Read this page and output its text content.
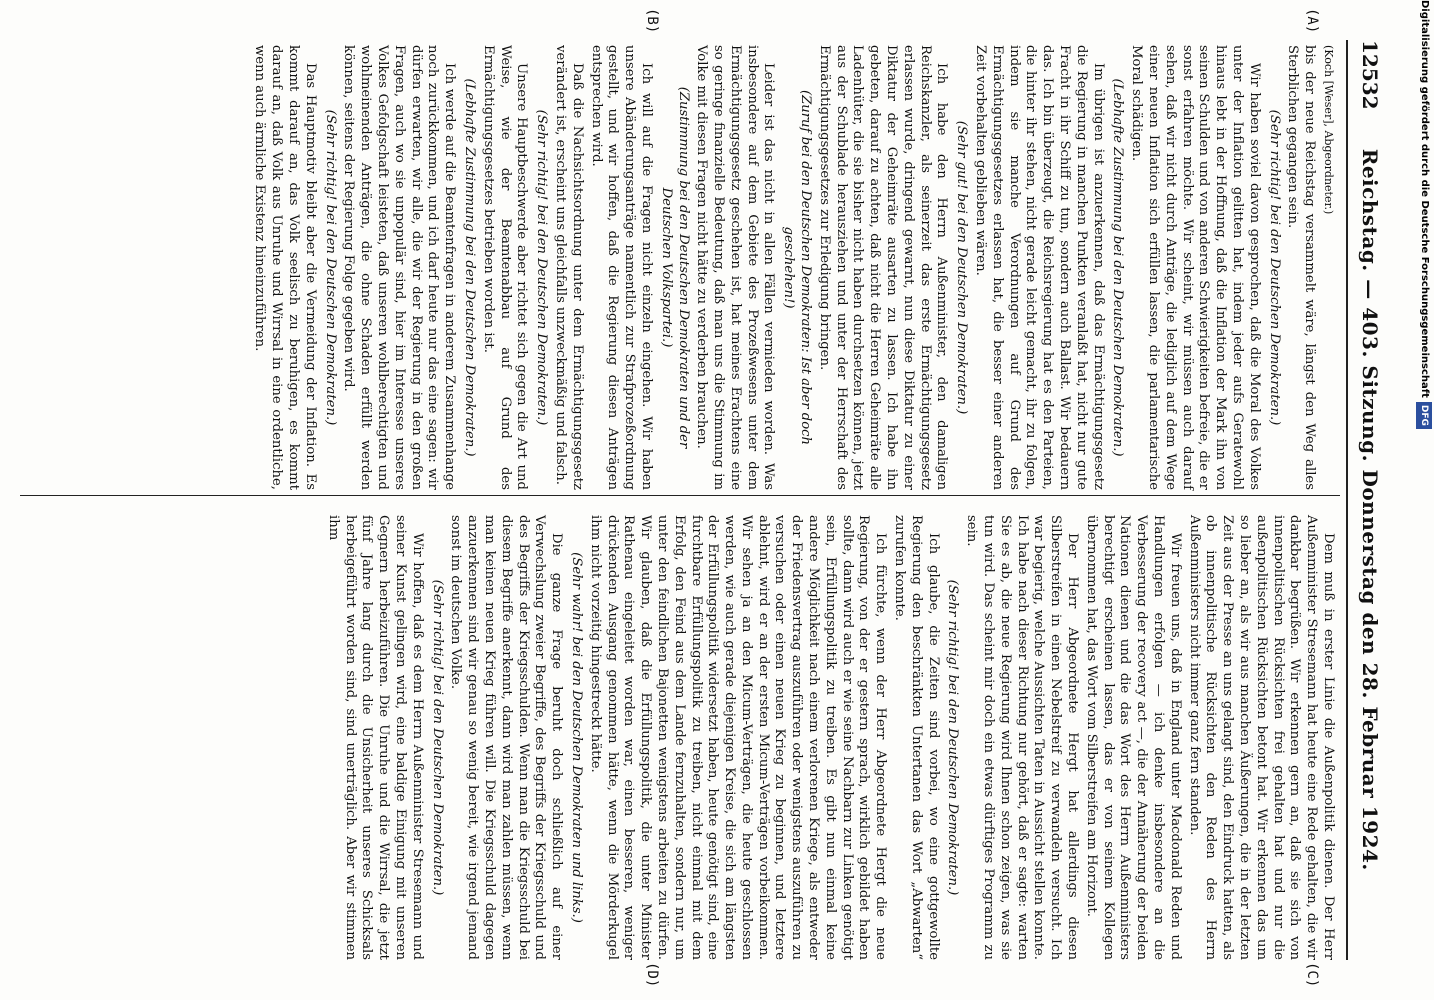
12532
Reichstag. — 403. Sitzung. Donnerstag den 28. Februar 1924.
(A)
(B)
(C)
(D)

(Koch [Weser], Abgeordneter.)

bis der neue Reichstag versammelt wäre, längst den Weg alles Sterblichen gegangen sein.

(Sehr richtig! bei den Deutschen Demokraten.)

Wir haben soviel davon gesprochen, daß die Moral des Volkes unter der Inflation gelitten hat, indem jeder aufs Geratewohl hinaus lebt in der Hoffnung, daß die Inflation der Mark ihn von seinen Schulden und von anderen Schwierigkeiten befreie, die er sonst erfahren möchte. Wir scheint, wir müssen auch darauf sehen, daß wir nicht durch Anträge, die lediglich auf dem Wege einer neuen Inflation sich erfüllen lassen, die parlamentarische Moral schädigen.

(Lebhafte Zustimmung bei den Deutschen Demokraten.)

Im übrigen ist anzuerkennen, daß das Ermächtigungsgesetz die Regierung in manchen Punkten veranlaßt hat, nicht nur gute Fracht in ihr Schiff zu tun, sondern auch Ballast. Wir bedauern das. Ich bin überzeugt, die Reichsregierung hat es den Parteien, die hinter ihr stehen, nicht gerade leicht gemacht, ihr zu folgen, indem sie manche Verordnungen auf Grund des Ermächtigungsgesetzes erlassen hat, die besser einer anderen Zeit vorbehalten geblieben wären.

(Sehr gut! bei den Deutschen Demokraten.)

Ich habe den Herrn Außenminister, den damaligen Reichskanzler, als seinerzeit das erste Ermächtigungsgesetz erlassen wurde, dringend gewarnt, nun diese Diktatur zu einer Diktatur der Geheimräte ausarten zu lassen. Ich habe ihn gebeten, darauf zu achten, daß nicht die Herren Geheimräte alle Ladenhüter, die sie bisher nicht haben durchsetzen können, jetzt aus der Schublade herausziehen und unter der Herrschaft des Ermächtigungsgesetzes zur Erledigung bringen.

(Zuruf bei den Deutschen Demokraten: Ist aber doch geschehen!)

Leider ist das nicht in allen Fällen vermieden worden. Was insbesondere auf dem Gebiete des Prozeßwesens unter dem Ermächtigungsgesetz geschehen ist, hat meines Erachtens eine so geringe finanzielle Bedeutung, daß man uns die Stimmung im Volke mit diesen Fragen nicht hätte zu verderben brauchen.

(Zustimmung bei den Deutschen Demokraten und der Deutschen Volkspartei.)

Ich will auf die Fragen nicht einzeln eingehen. Wir haben unsere Abänderungsanträge namentlich zur Strafprozeßordnung gestellt, und wir hoffen, daß die Regierung diesen Anträgen entsprechen wird.

Daß die Nachsichtsordnung unter dem Ermächtigungsgesetz verändert ist, erscheint uns gleichfalls unzweckmäßig und falsch.

(Sehr richtig! bei den Deutschen Demokraten.)

Unsere Hauptbeschwerde aber richtet sich gegen die Art und Weise, wie der Beamtenabbau auf Grund des Ermächtigungsgesetzes betrieben worden ist.

(Lebhafte Zustimmung bei den Deutschen Demokraten.)

Ich werde auf die Beamtenfragen in anderem Zusammenhange noch zurückkommen, und ich darf heute nur das eine sagen: wir dürfen erwarten, wir alle, die wir der Regierung in den großen Fragen, auch wo sie unpopulär sind, hier im Interesse unseres Volkes Gefolgschaft leisteten, daß unseren wohlberechtigten und wohlmeinenden Anträgen, die ohne Schaden erfüllt werden können, seitens der Regierung Folge gegeben wird.

(Sehr richtig! bei den Deutschen Demokraten.)

Das Hauptmotiv bleibt aber die Vermeidung der Inflation. Es kommt darauf an, das Volk seelisch zu beruhigen, es kommt darauf an, daß Volk aus Unruhe und Wirrsal in eine ordentliche, wenn auch ärmliche Existenz hineinzuführen.

Dem muß in erster Linie die Außenpolitik dienen. Der Herr Außenminister Stresemann hat heute eine Rede gehalten, die wir dankbar begrüßen. Wir erkennen gern an, daß sie sich von innenpolitischen Rücksichten frei gehalten hat und nur die außenpolitischen Rücksichten betont hat. Wir erkennen das um so lieber an, als wir aus manchen Äußerungen, die in der letzten Zeit aus der Presse an uns gelangt sind, den Eindruck hatten, als ob innenpolitische Rücksichten den Reden des Herrn Außenministers nicht immer ganz fern standen.

Wir freuen uns, daß in England unter Macdonald Reden und Handlungen erfolgen — ich denke insbesondere an die Verbesserung der recovery act —, die der Annäherung der beiden Nationen dienen und die das Wort des Herrn Außenministers berechtigt erscheinen lassen, das er von seinem Kollegen übernommen hat, das Wort vom Silberstreifen am Horizont.

Der Herr Abgeordnete Hergt hat allerdings diesen Silberstreifen in einen Nebelstreif zu verwandeln versucht. Ich war begierig, welche Aussichten Taten in Aussicht stellen konnte. Ich habe nach dieser Richtung nur gehört, daß er sagte: warten Sie es ab, die neue Regierung wird Ihnen schon zeigen, was sie tun wird. Das scheint mir doch ein etwas dürftiges Programm zu sein.

(Sehr richtig! bei den Deutschen Demokraten.)

Ich glaube, die Zeiten sind vorbei, wo eine gottgewollte Regierung den beschränkten Untertanen das Wort „Abwarten“ zurufen konnte.

Ich fürchte, wenn der Herr Abgeordnete Hergt die neue Regierung, von der er gestern sprach, wirklich gebildet haben sollte, dann wird auch er wie seine Nachbarn zur Linken genötigt sein, Erfüllungspolitik zu treiben. Es gibt nun einmal keine andere Möglichkeit nach einem verlorenen Kriege, als entweder der Friedensvertrag auszuführen oder wenigstens auszuführen zu versuchen oder einen neuen Krieg zu beginnen, und letztere ablehnt, wird er an der ersten Micum-Verträgen vorbeikommen. Wir sehen ja an den Micum-Verträgen, die heute geschlossen werden, wie auch gerade diejenigen Kreise, die sich am längsten der Erfüllungspolitik widersetzt haben, heute genötigt sind, eine furchtbare Erfüllungspolitik zu treiben, nicht einmal mit dem Erfolg, den Feind aus dem Lande fernzuhalten, sondern nur, um unter den feindlichen Bajonetten wenigstens arbeiten zu dürfen. Wir glauben, daß die Erfüllungspolitik, die unter Minister Rathenau eingeleitet worden war, einen besseren, weniger drückenden Ausgang genommen hätte, wenn die Mörderkugel ihm nicht vorzeitig hingestreckt hätte.

(Sehr wahr! bei den Deutschen Demokraten und links.)

Die ganze Frage beruht doch schließlich auf einer Verwechslung zweier Begriffe, des Begriffs der Kriegsschuld und des Begriffs der Kriegsschulden. Wenn man die Kriegsschuld bei diesem Begriffe anerkennt, dann wird man zahlen müssen, wenn man keinen neuen Krieg führen will. Die Kriegsschuld dagegen anzuerkennen sind wir genau so wenig bereit, wie irgend jemand sonst im deutschen Volke.

(Sehr richtig! bei den Deutschen Demokraten.)

Wir hoffen, daß es dem Herrn Außenminister Stresemann und seiner Kunst gelingen wird, eine baldige Einigung mit unseren Gegnern herbeizuführen. Die Unruhe und die Wirrsal, die jetzt fünf Jahre lang durch die Unsicherheit unseres Schicksals herbeigeführt worden sind, sind unerträglich. Aber wir stimmen ihm

Digitalisierung gefördert durch die Deutsche ForschungsgemeinschaftDFG
